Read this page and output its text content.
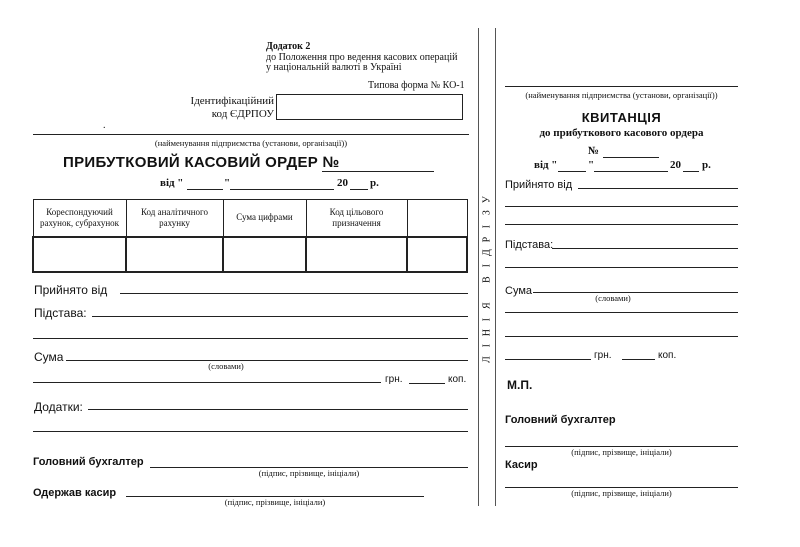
Додаток 2
до Положення про ведення касових операцій
у національній валюті в Україні
Типова форма № КО-1
Ідентифікаційний
код ЄДРПОУ
.
(найменування підприємства (установи, організації))
ПРИБУТКОВИЙ КАСОВИЙ ОРДЕР №
від "	"	20 р.
Кореспондуючий рахунок, субрахунок	Код аналітичного рахунку	Сума цифрами	Код цільового призначення	

Прийнято від
Підстава:
Сума
(словами)
грн.	коп.
Додатки:
Головний бухгалтер
(підпис, прізвище, ініціали)
Одержав касир
(підпис, прізвище, ініціали)
У
З
І
Р
Д
І
В

Я
І
Н
І
Л
(найменування підприємства (установи, організації))
КВИТАНЦІЯ
до прибуткового касового ордера
№
від "	"	20 р.
Прийнято від
Підстава:
Сума
(словами)
грн.	коп.
М.П.
Головний бухгалтер
(підпис, прізвище, ініціали)
Касир
(підпис, прізвище, ініціали)
